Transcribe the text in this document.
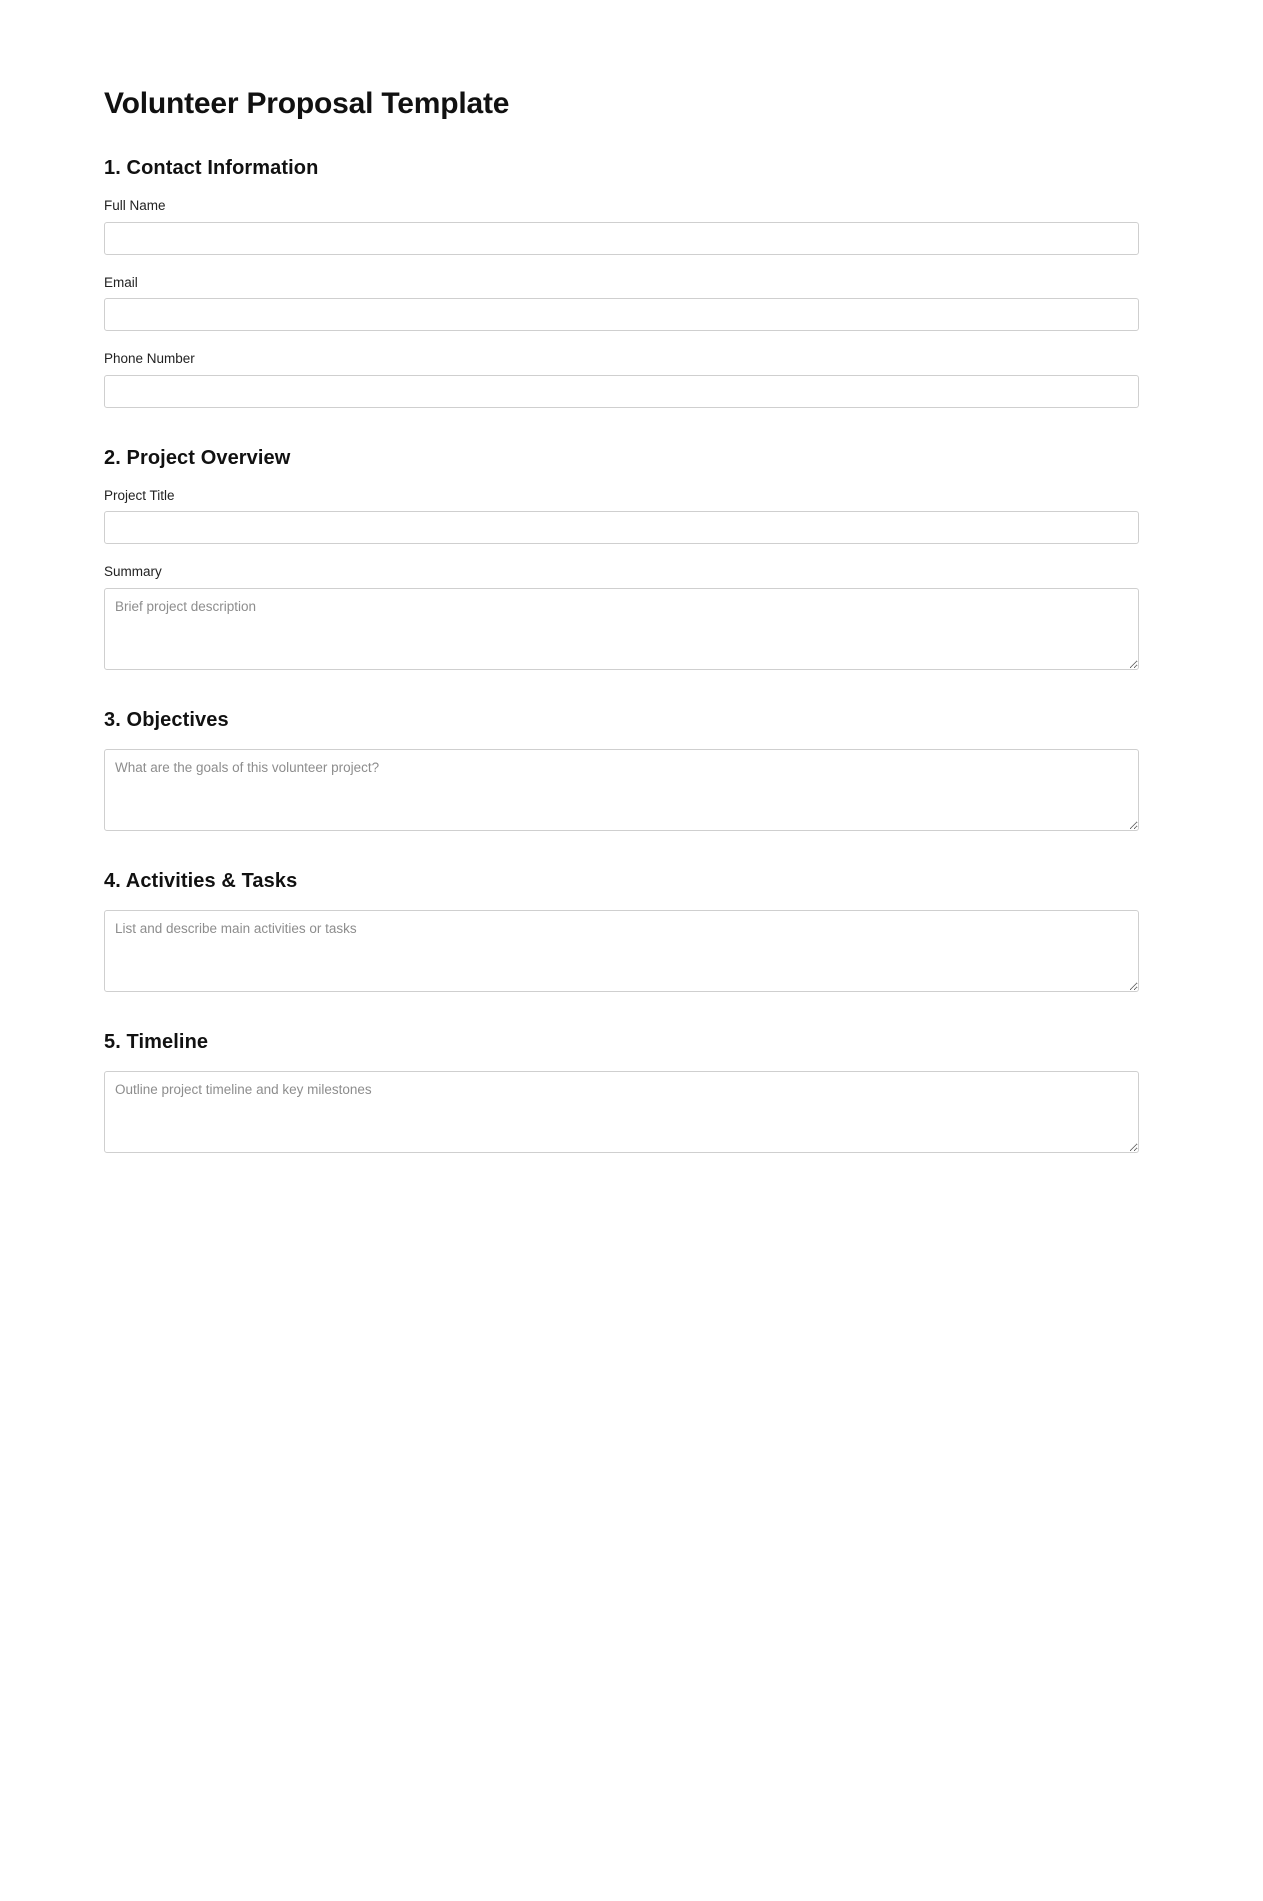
Volunteer Proposal Template
1. Contact Information
Full Name
Email
Phone Number
2. Project Overview
Project Title
Summary
Brief project description
3. Objectives
What are the goals of this volunteer project?
4. Activities & Tasks
List and describe main activities or tasks
5. Timeline
Outline project timeline and key milestones
